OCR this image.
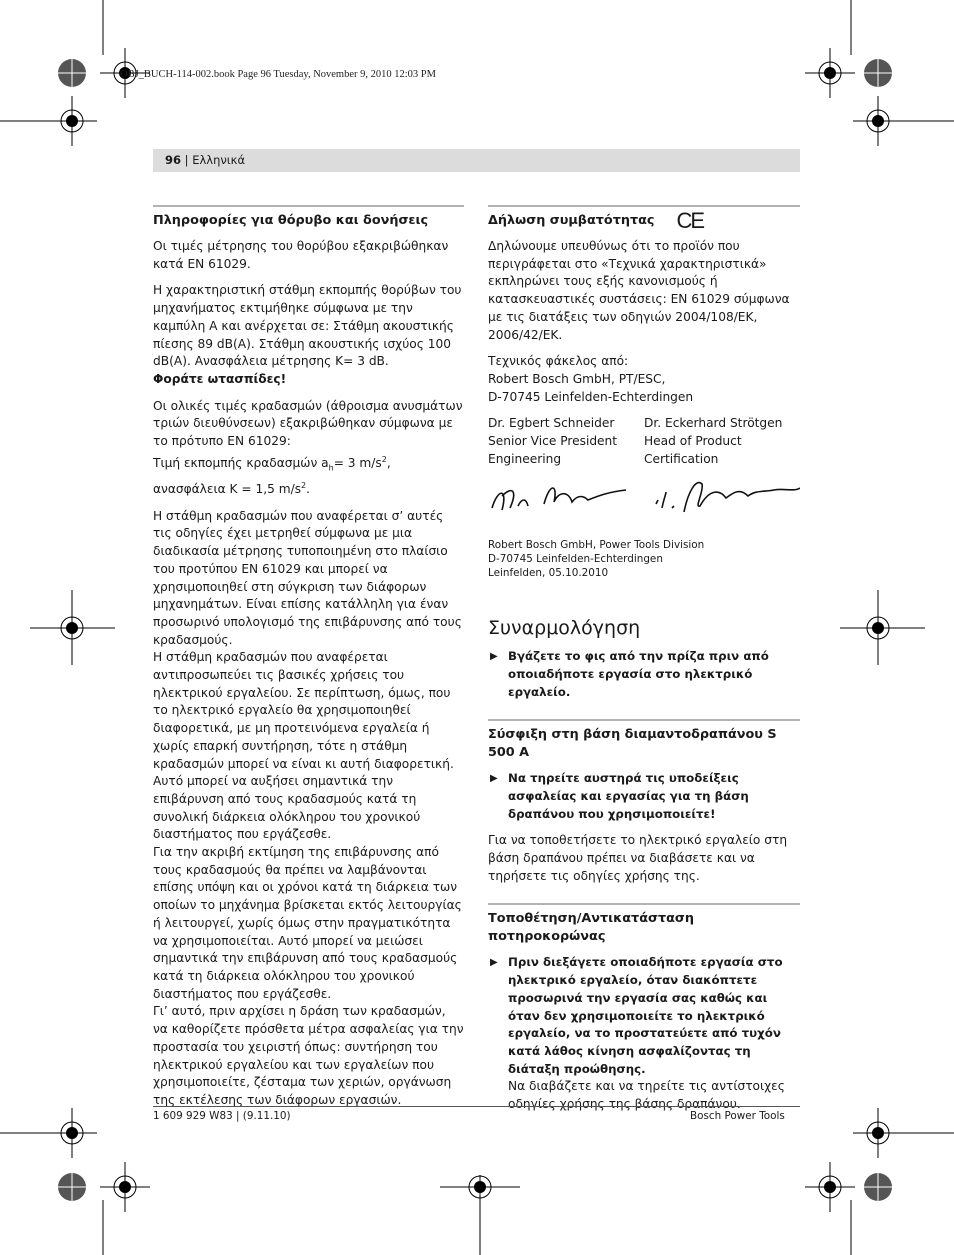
OBJ_BUCH-114-002.book Page 96 Tuesday, November 9, 2010 12:03 PM
96 | Ελληνικά
Πληροφορίες για θόρυβο και δονήσεις

Οι τιμές μέτρησης του θορύβου εξακριβώθηκαν κατά EN 61029.

Η χαρακτηριστική στάθμη εκπομπής θορύβων του μηχανήματος εκτιμήθηκε σύμφωνα με την καμπύλη A και ανέρχεται σε: Στάθμη ακουστικής πίεσης 89 dB(A). Στάθμη ακουστικής ισχύος 100 dB(A). Ανασφάλεια μέτρησης K= 3 dB.
Φοράτε ωτασπίδες!

Οι ολικές τιμές κραδασμών (άθροισμα ανυσμάτων τριών διευθύνσεων) εξακριβώθηκαν σύμφωνα με το πρότυπο EN 61029:
Τιμή εκπομπής κραδασμών $a_h= 3$ $m/s^2$, ανασφάλεια K = 1,5 $m/s^2$.

Η στάθμη κραδασμών που αναφέρεται σ’ αυτές τις οδηγίες έχει μετρηθεί σύμφωνα με μια διαδικασία μέτρησης τυποποιημένη στο πλαίσιο του προτύπου EN 61029 και μπορεί να χρησιμοποιηθεί στη σύγκριση των διάφορων μηχανημάτων. Είναι επίσης κατάλληλη για έναν προσωρινό υπολογισμό της επιβάρυνσης από τους κραδασμούς.
Η στάθμη κραδασμών που αναφέρεται αντιπροσωπεύει τις βασικές χρήσεις του ηλεκτρικού εργαλείου. Σε περίπτωση, όμως, που το ηλεκτρικό εργαλείο θα χρησιμοποιηθεί διαφορετικά, με μη προτεινόμενα εργαλεία ή χωρίς επαρκή συντήρηση, τότε η στάθμη κραδασμών μπορεί να είναι κι αυτή διαφορετική. Αυτό μπορεί να αυξήσει σημαντικά την επιβάρυνση από τους κραδασμούς κατά τη συνολική διάρκεια ολόκληρου του χρονικού διαστήματος που εργάζεσθε.
Για την ακριβή εκτίμηση της επιβάρυνσης από τους κραδασμούς θα πρέπει να λαμβάνονται επίσης υπόψη και οι χρόνοι κατά τη διάρκεια των οποίων το μηχάνημα βρίσκεται εκτός λειτουργίας ή λειτουργεί, χωρίς όμως στην πραγματικότητα να χρησιμοποιείται. Αυτό μπορεί να μειώσει σημαντικά την επιβάρυνση από τους κραδασμούς κατά τη διάρκεια ολόκληρου του χρονικού διαστήματος που εργάζεσθε.
Γι’ αυτό, πριν αρχίσει η δράση των κραδασμών, να καθορίζετε πρόσθετα μέτρα ασφαλείας για την προστασία του χειριστή όπως: συντήρηση του ηλεκτρικού εργαλείου και των εργαλείων που χρησιμοποιείτε, ζέσταμα των χεριών, οργάνωση της εκτέλεσης των διάφορων εργασιών.

Δήλωση συμβατότητας CE

Δηλώνουμε υπευθύνως ότι το προϊόν που περιγράφεται στο «Τεχνικά χαρακτηριστικά» εκπληρώνει τους εξής κανονισμούς ή κατασκευαστικές συστάσεις: EN 61029 σύμφωνα με τις διατάξεις των οδηγιών 2004/108/ΕΚ, 2006/42/ΕΚ.

Τεχνικός φάκελος από:
Robert Bosch GmbH, PT/ESC,
D-70745 Leinfelden-Echterdingen

Dr. Egbert Schneider
Senior Vice President
Engineering
Dr. Eckerhard Strötgen
Head of Product
Certification
Robert Bosch GmbH, Power Tools Division
D-70745 Leinfelden-Echterdingen
Leinfelden, 05.10.2010
Συναρμολόγηση
▶ Βγάζετε το φις από την πρίζα πριν από οποιαδήποτε εργασία στο ηλεκτρικό εργαλείο.
Σύσφιξη στη βάση διαμαντοδραπάνου S 500 A
▶ Να τηρείτε αυστηρά τις υποδείξεις ασφαλείας και εργασίας για τη βάση δραπάνου που χρησιμοποιείτε!

Για να τοποθετήσετε το ηλεκτρικό εργαλείο στη βάση δραπάνου πρέπει να διαβάσετε και να τηρήσετε τις οδηγίες χρήσης της.

Τοποθέτηση/Αντικατάσταση ποτηροκορώνας
▶ Πριν διεξάγετε οποιαδήποτε εργασία στο ηλεκτρικό εργαλείο, όταν διακόπτετε προσωρινά την εργασία σας καθώς και όταν δεν χρησιμοποιείτε το ηλεκτρικό εργαλείο, να το προστατεύετε από τυχόν κατά λάθος κίνηση ασφαλίζοντας τη διάταξη προώθησης.

Να διαβάζετε και να τηρείτε τις αντίστοιχες οδηγίες χρήσης της βάσης δραπάνου.

1 609 929 W83 | (9.11.10)	Bosch Power Tools
